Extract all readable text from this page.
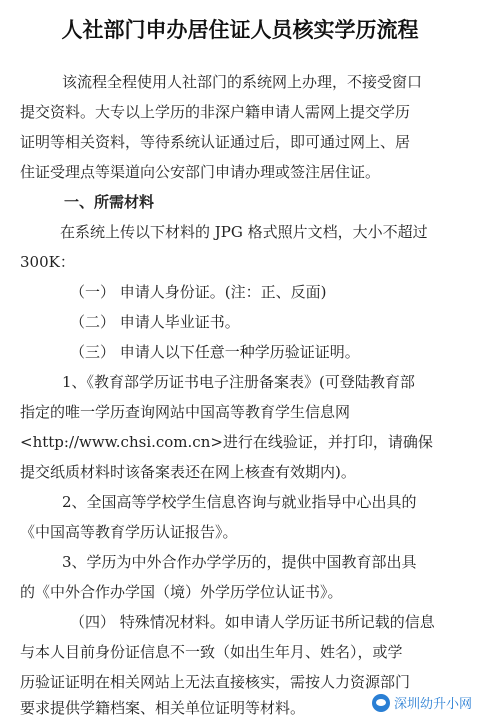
人社部门申办居住证人员核实学历流程
该流程全程使用人社部门的系统网上办理，不接受窗口
提交资料。大专以上学历的非深户籍申请人需网上提交学历
证明等相关资料，等待系统认证通过后，即可通过网上、居
住证受理点等渠道向公安部门申请办理或签注居住证。
一、所需材料
在系统上传以下材料的 JPG 格式照片文档，大小不超过
300K：
（一） 申请人身份证。(注：正、反面)
（二） 申请人毕业证书。
（三） 申请人以下任意一种学历验证证明。
1、《教育部学历证书电子注册备案表》(可登陆教育部
指定的唯一学历查询网站中国高等教育学生信息网
<http://www.chsi.com.cn>进行在线验证，并打印，请确保
提交纸质材料时该备案表还在网上核查有效期内)。
2、全国高等学校学生信息咨询与就业指导中心出具的
《中国高等教育学历认证报告》。
3、学历为中外合作办学学历的，提供中国教育部出具
的《中外合作办学国（境）外学历学位认证书》。
（四） 特殊情况材料。如申请人学历证书所记载的信息
与本人目前身份证信息不一致（如出生年月、姓名），或学
历验证证明在相关网站上无法直接核实，需按人力资源部门
要求提供学籍档案、相关单位证明等材料。	深圳幼升小网
